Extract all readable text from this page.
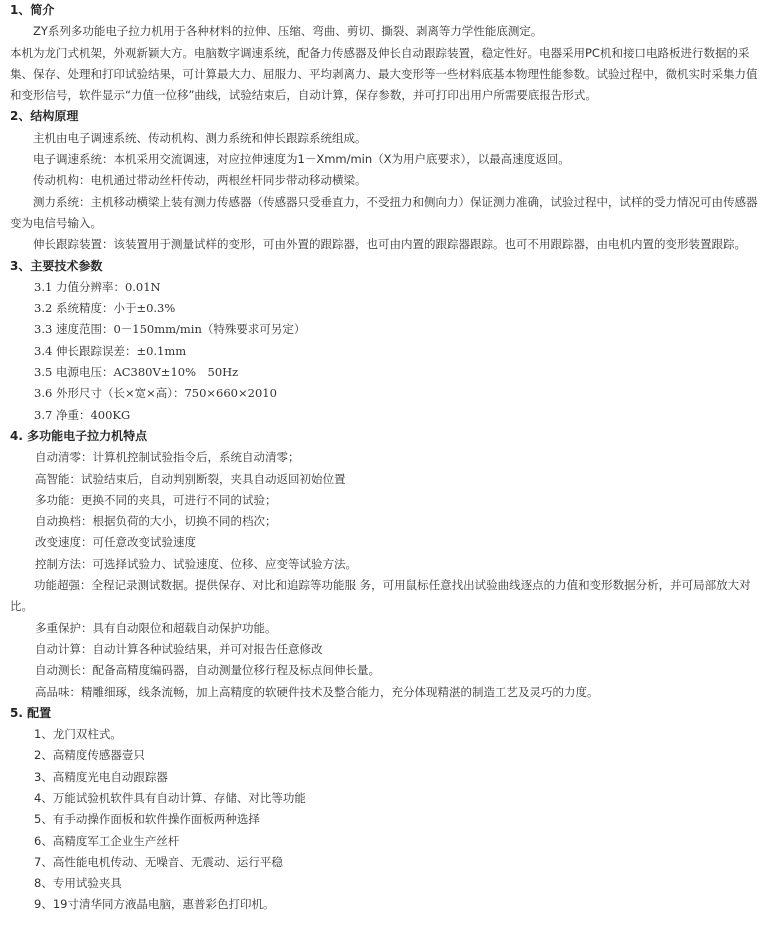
1、简介

ZY系列多功能电子拉力机用于各种材料的拉伸、压缩、弯曲、剪切、撕裂、剥离等力学性能底测定。

本机为龙门式机架，外观新颖大方。电脑数字调速系统，配备力传感器及伸长自动跟踪装置，稳定性好。电器采用PC机和接口电路板进行数据的采集、保存、处理和打印试验结果，可计算最大力、屈服力、平均剥离力、最大变形等一些材料底基本物理性能参数。试验过程中，微机实时采集力值和变形信号，软件显示“力值一位移”曲线，试验结束后，自动计算，保存参数，并可打印出用户所需要底报告形式。

2、结构原理

主机由电子调速系统、传动机构、测力系统和伸长跟踪系统组成。

电子调速系统：本机采用交流调速，对应拉伸速度为1－Xmm/min（X为用户底要求），以最高速度返回。

传动机构：电机通过带动丝杆传动，两根丝杆同步带动移动横梁。

测力系统：主机移动横梁上装有测力传感器（传感器只受垂直力，不受扭力和侧向力）保证测力准确，试验过程中，试样的受力情况可由传感器变为电信号输入。

伸长跟踪装置：该装置用于测量试样的变形，可由外置的跟踪器，也可由内置的跟踪器跟踪。也可不用跟踪器，由电机内置的变形装置跟踪。

3、主要技术参数
3.1 力值分辨率：0.01N
3.2 系统精度：小于±0.3%
3.3 速度范围：0－150mm/min（特殊要求可另定）
3.4 伸长跟踪误差：±0.1mm
3.5 电源电压：AC380V±10%　50Hz
3.6 外形尺寸（长×宽×高）：750×660×2010
3.7 净重：400KG
4. 多功能电子拉力机特点

自动清零：计算机控制试验指令后，系统自动清零；

高智能：试验结束后，自动判别断裂，夹具自动返回初始位置

多功能：更换不同的夹具，可进行不同的试验；

自动换档：根据负荷的大小，切换不同的档次；

改变速度：可任意改变试验速度

控制方法：可选择试验力、试验速度、位移、应变等试验方法。

功能超强：全程记录测试数据。提供保存、对比和追踪等功能服 务，可用鼠标任意找出试验曲线逐点的力值和变形数据分析，并可局部放大对比。

多重保护：具有自动限位和超载自动保护功能。

自动计算：自动计算各种试验结果，并可对报告任意修改

自动测长：配备高精度编码器，自动测量位移行程及标点间伸长量。

高品味：精雕细琢，线条流畅，加上高精度的软硬件技术及整合能力，充分体现精湛的制造工艺及灵巧的力度。

5. 配置
1、龙门双柱式。
2、高精度传感器壹只
3、高精度光电自动跟踪器
4、万能试验机软件具有自动计算、存储、对比等功能
5、有手动操作面板和软件操作面板两种选择
6、高精度军工企业生产丝杆
7、高性能电机传动、无噪音、无震动、运行平稳
8、专用试验夹具
9、19寸清华同方液晶电脑，惠普彩色打印机。
